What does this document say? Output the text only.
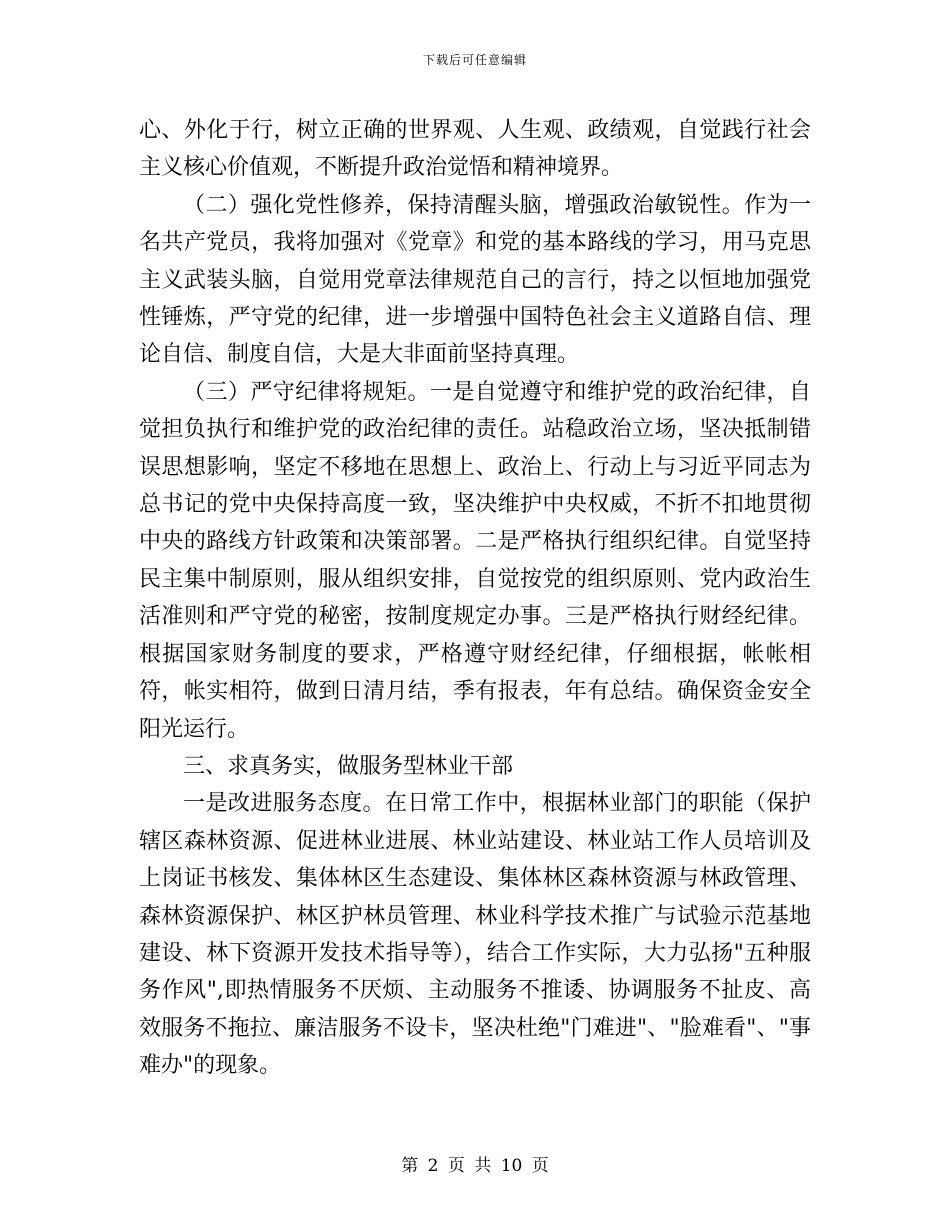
下载后可任意编辑

心、外化于行，树立正确的世界观、人生观、政绩观，自觉践行社会主义核心价值观，不断提升政治觉悟和精神境界。

（二）强化党性修养，保持清醒头脑，增强政治敏锐性。作为一名共产党员，我将加强对《党章》和党的基本路线的学习，用马克思主义武装头脑，自觉用党章法律规范自己的言行，持之以恒地加强党性锤炼，严守党的纪律，进一步增强中国特色社会主义道路自信、理论自信、制度自信，大是大非面前坚持真理。

（三）严守纪律将规矩。一是自觉遵守和维护党的政治纪律，自觉担负执行和维护党的政治纪律的责任。站稳政治立场，坚决抵制错误思想影响，坚定不移地在思想上、政治上、行动上与习近平同志为总书记的党中央保持高度一致，坚决维护中央权威，不折不扣地贯彻中央的路线方针政策和决策部署。二是严格执行组织纪律。自觉坚持民主集中制原则，服从组织安排，自觉按党的组织原则、党内政治生活准则和严守党的秘密，按制度规定办事。三是严格执行财经纪律。根据国家财务制度的要求，严格遵守财经纪律，仔细根据，帐帐相符，帐实相符，做到日清月结，季有报表，年有总结。确保资金安全阳光运行。

三、求真务实，做服务型林业干部

一是改进服务态度。在日常工作中，根据林业部门的职能（保护辖区森林资源、促进林业进展、林业站建设、林业站工作人员培训及上岗证书核发、集体林区生态建设、集体林区森林资源与林政管理、森林资源保护、林区护林员管理、林业科学技术推广与试验示范基地建设、林下资源开发技术指导等），结合工作实际，大力弘扬"五种服务作风",即热情服务不厌烦、主动服务不推诿、协调服务不扯皮、高效服务不拖拉、廉洁服务不设卡，坚决杜绝"门难进"、"脸难看"、"事难办"的现象。

第 2 页 共 10 页
